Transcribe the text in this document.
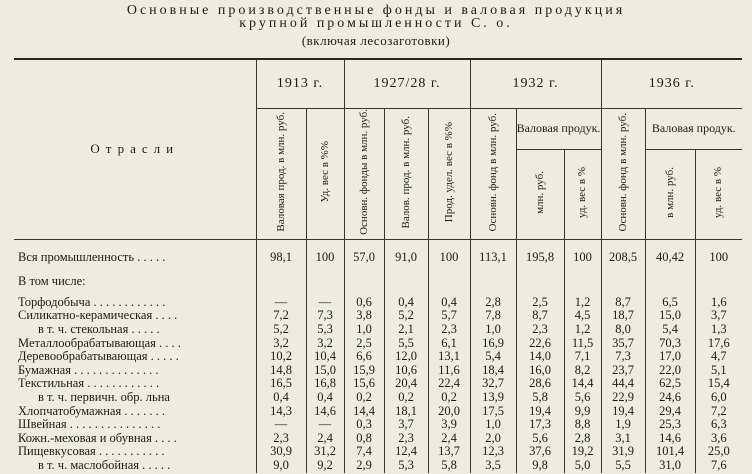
Основные производственные фонды и валовая продукция
крупной промышленности С. о.
(включая лесозаготовки)
Отрасли	1913 г.		1927/28 г.			1932 г.			1936 г.		
	Валовая прод. в млн. руб.	Уд. вес в %%	Основн. фонды в млн. руб.	Валов. прод. в млн. руб.	Прод. удел. вес в %%	Основн. фонд в млн. руб.	Валовая продук.		Основн. фонд в млн. руб.	Валовая продук.	
							млн. руб.	уд. вес в %		в млн. руб.	уд. вес в %

Вся промышленность . . . . .	98,1	100	57,0	91,0	100	113,1	195,8	100	208,5	40,42	100
В том числе:											
Торфодобыча . . . . . . . . . . . .	—	—	0,6	0,4	0,4	2,8	2,5	1,2	8,7	6,5	1,6
Силикатно-керамическая . . . .	7,2	7,3	3,8	5,2	5,7	7,8	8,7	4,5	18,7	15,0	3,7
в т. ч. стекольная . . . . .	5,2	5,3	1,0	2,1	2,3	1,0	2,3	1,2	8,0	5,4	1,3
Металлообрабатывающая . . . .	3,2	3,2	2,5	5,5	6,1	16,9	22,6	11,5	35,7	70,3	17,6
Деревообрабатывающая . . . . .	10,2	10,4	6,6	12,0	13,1	5,4	14,0	7,1	7,3	17,0	4,7
Бумажная . . . . . . . . . . . . . .	14,8	15,0	15,9	10,6	11,6	18,4	16,0	8,2	23,7	22,0	5,1
Текстильная . . . . . . . . . . . .	16,5	16,8	15,6	20,4	22,4	32,7	28,6	14,4	44,4	62,5	15,4
в т. ч. первичн. обр. льна	0,4	0,4	0,2	0,2	0,2	13,9	5,8	5,6	22,9	24,6	6,0
Хлопчатобумажная . . . . . . .	14,3	14,6	14,4	18,1	20,0	17,5	19,4	9,9	19,4	29,4	7,2
Швейная . . . . . . . . . . . . . . .	—	—	0,3	3,7	3,9	1,0	17,3	8,8	1,9	25,3	6,3
Кожн.-меховая и обувная . . . .	2,3	2,4	0,8	2,3	2,4	2,0	5,6	2,8	3,1	14,6	3,6
Пищевкусовая . . . . . . . . . . .	30,9	31,2	7,4	12,4	13,7	12,3	37,6	19,2	31,9	101,4	25,0
в т. ч. маслобойная . . . . .	9,0	9,2	2,9	5,3	5,8	3,5	9,8	5,0	5,5	31,0	7,6
